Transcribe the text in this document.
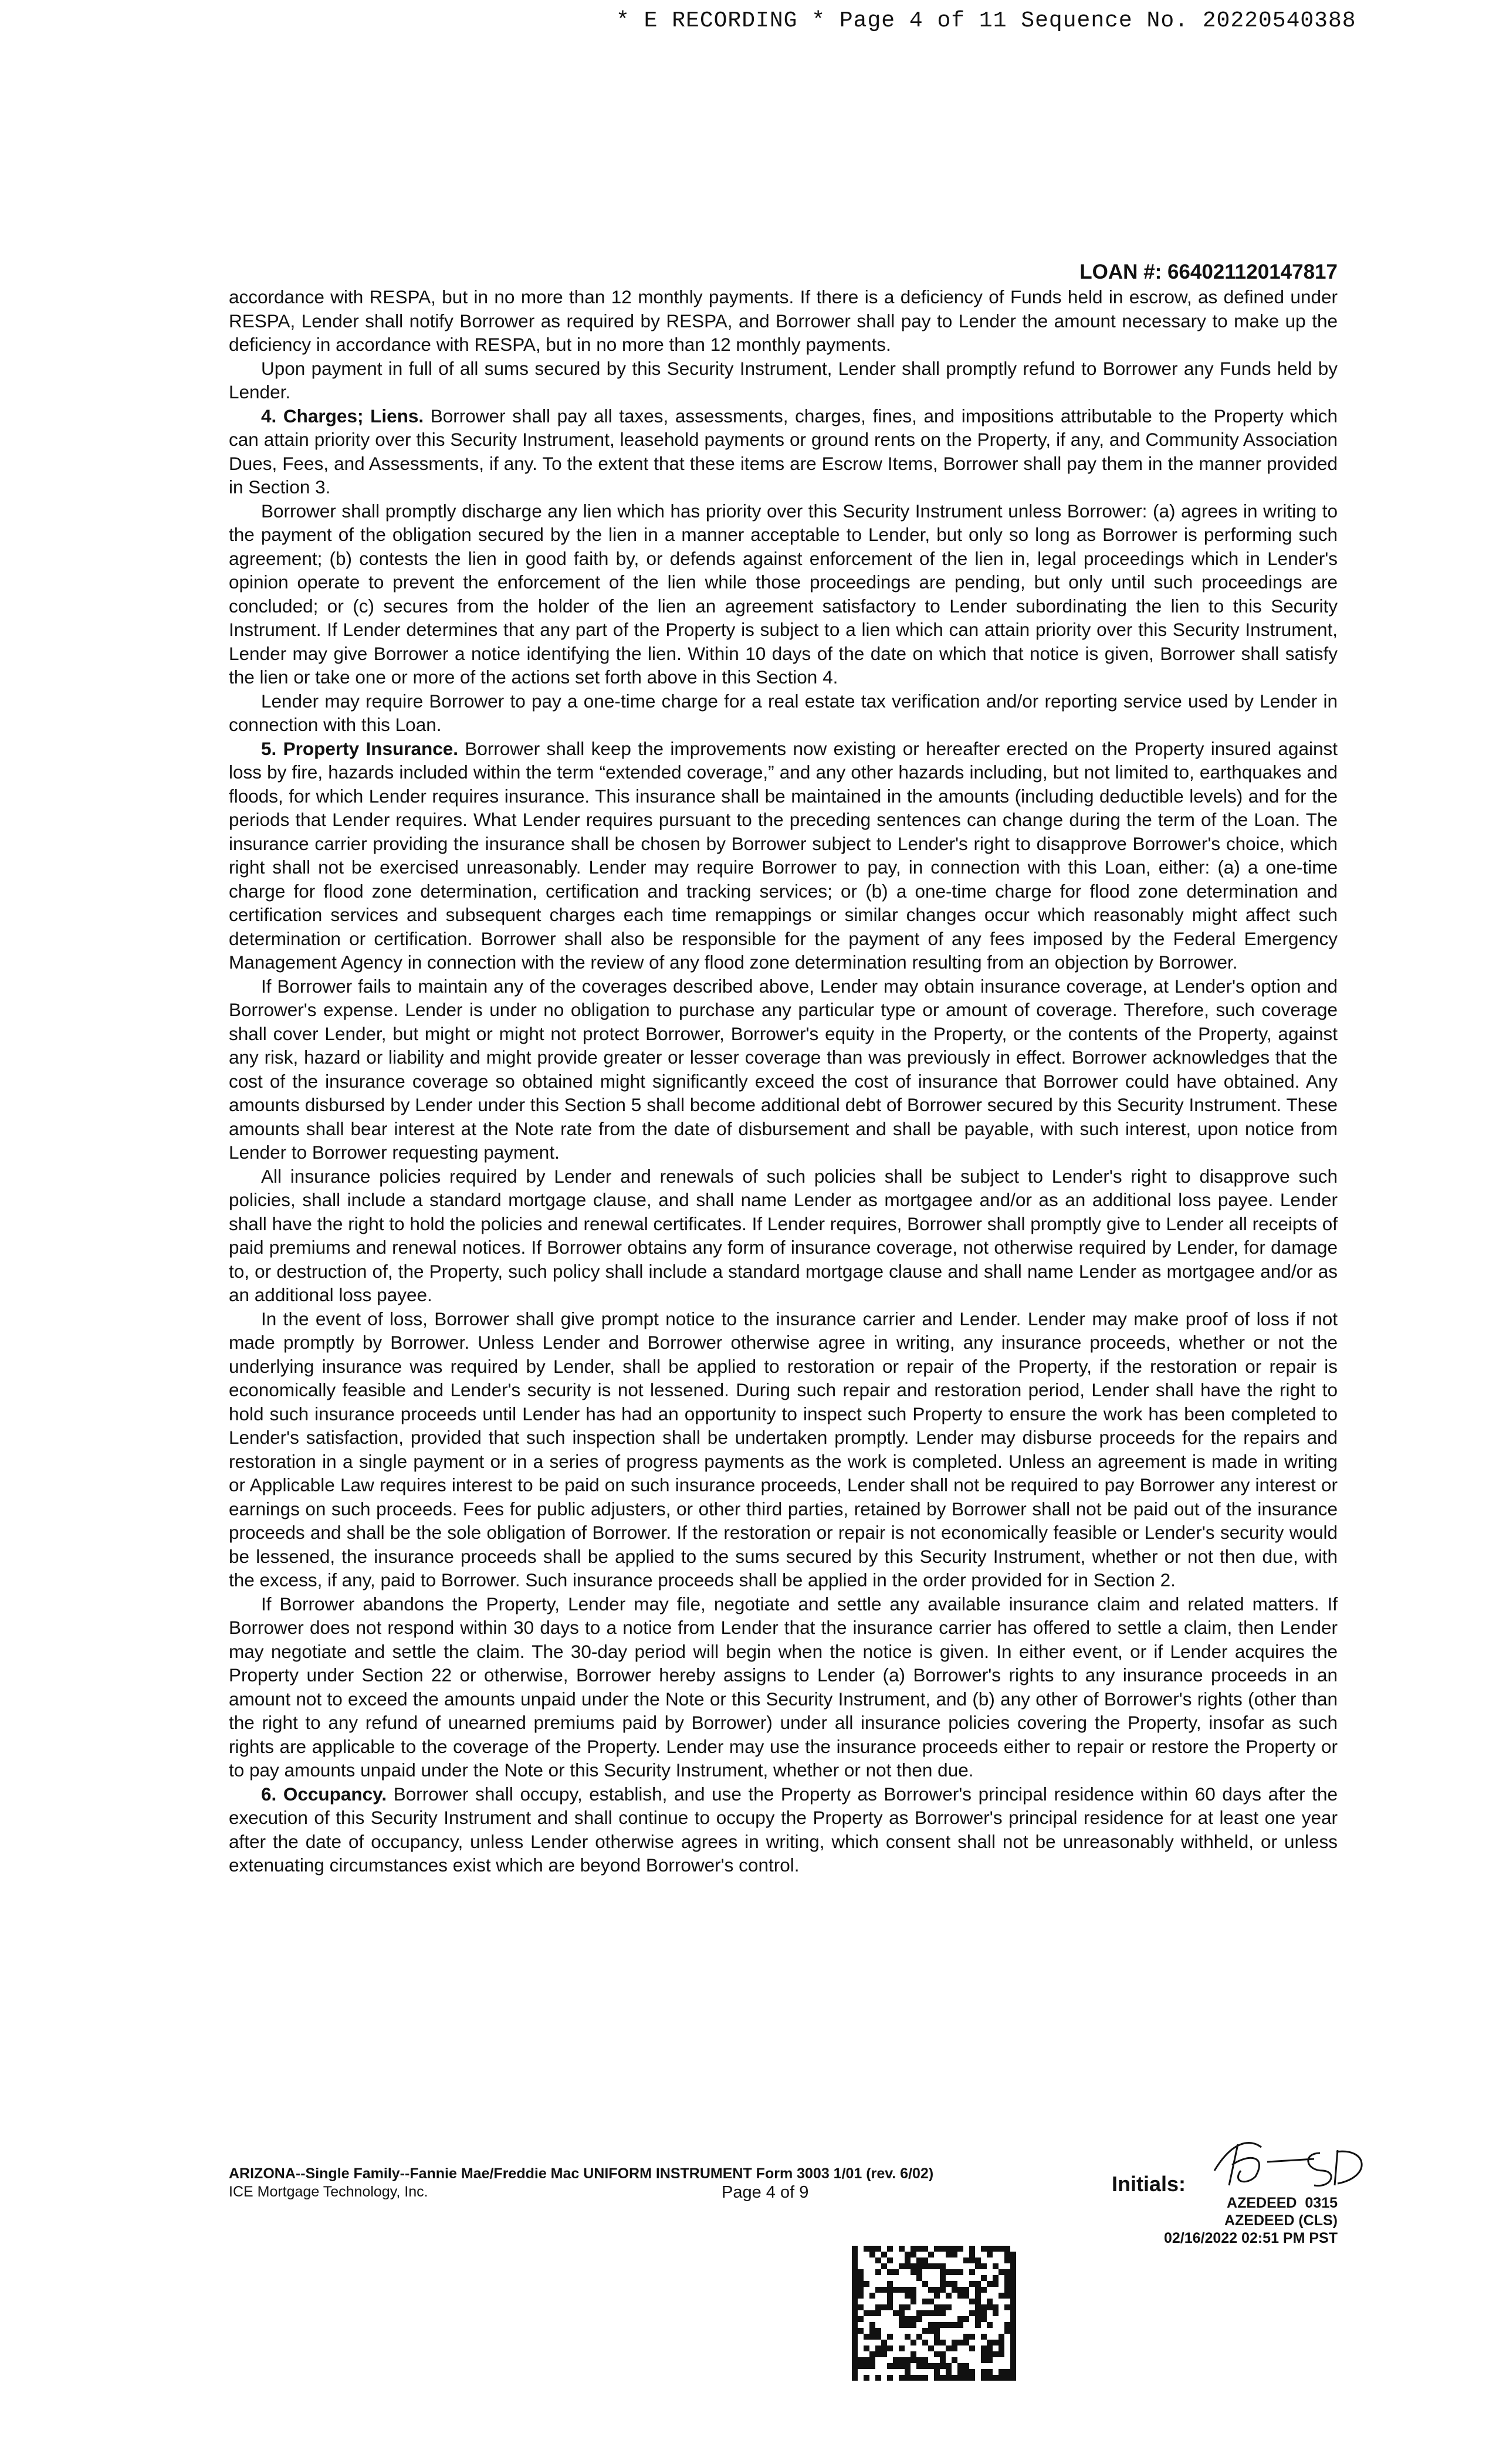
* E RECORDING * Page 4 of 11 Sequence No. 20220540388
LOAN #: 664021120147817

accordance with RESPA, but in no more than 12 monthly payments. If there is a deficiency of Funds held in escrow, as defined under RESPA, Lender shall notify Borrower as required by RESPA, and Borrower shall pay to Lender the amount necessary to make up the deficiency in accordance with RESPA, but in no more than 12 monthly payments.

Upon payment in full of all sums secured by this Security Instrument, Lender shall promptly refund to Borrower any Funds held by Lender.

4. Charges; Liens. Borrower shall pay all taxes, assessments, charges, fines, and impositions attributable to the Property which can attain priority over this Security Instrument, leasehold payments or ground rents on the Property, if any, and Community Association Dues, Fees, and Assessments, if any. To the extent that these items are Escrow Items, Borrower shall pay them in the manner provided in Section 3.

Borrower shall promptly discharge any lien which has priority over this Security Instrument unless Borrower: (a) agrees in writing to the payment of the obligation secured by the lien in a manner acceptable to Lender, but only so long as Borrower is performing such agreement; (b) contests the lien in good faith by, or defends against enforcement of the lien in, legal proceedings which in Lender's opinion operate to prevent the enforcement of the lien while those proceedings are pending, but only until such proceedings are concluded; or (c) secures from the holder of the lien an agreement satisfactory to Lender subordinating the lien to this Security Instrument. If Lender determines that any part of the Property is subject to a lien which can attain priority over this Security Instrument, Lender may give Borrower a notice identifying the lien. Within 10 days of the date on which that notice is given, Borrower shall satisfy the lien or take one or more of the actions set forth above in this Section 4.

Lender may require Borrower to pay a one-time charge for a real estate tax verification and/or reporting service used by Lender in connection with this Loan.

5. Property Insurance. Borrower shall keep the improvements now existing or hereafter erected on the Property insured against loss by fire, hazards included within the term “extended coverage,” and any other hazards including, but not limited to, earthquakes and floods, for which Lender requires insurance. This insurance shall be maintained in the amounts (including deductible levels) and for the periods that Lender requires. What Lender requires pursuant to the preceding sentences can change during the term of the Loan. The insurance carrier providing the insurance shall be chosen by Borrower subject to Lender's right to disapprove Borrower's choice, which right shall not be exercised unreasonably. Lender may require Borrower to pay, in connection with this Loan, either: (a) a one-time charge for flood zone determination, certification and tracking services; or (b) a one-time charge for flood zone determination and certification services and subsequent charges each time remappings or similar changes occur which reasonably might affect such determination or certification. Borrower shall also be responsible for the payment of any fees imposed by the Federal Emergency Management Agency in connection with the review of any flood zone determination resulting from an objection by Borrower.

If Borrower fails to maintain any of the coverages described above, Lender may obtain insurance coverage, at Lender's option and Borrower's expense. Lender is under no obligation to purchase any particular type or amount of coverage. Therefore, such coverage shall cover Lender, but might or might not protect Borrower, Borrower's equity in the Property, or the contents of the Property, against any risk, hazard or liability and might provide greater or lesser coverage than was previously in effect. Borrower acknowledges that the cost of the insurance coverage so obtained might significantly exceed the cost of insurance that Borrower could have obtained. Any amounts disbursed by Lender under this Section 5 shall become additional debt of Borrower secured by this Security Instrument. These amounts shall bear interest at the Note rate from the date of disbursement and shall be payable, with such interest, upon notice from Lender to Borrower requesting payment.

All insurance policies required by Lender and renewals of such policies shall be subject to Lender's right to disapprove such policies, shall include a standard mortgage clause, and shall name Lender as mortgagee and/or as an additional loss payee. Lender shall have the right to hold the policies and renewal certificates. If Lender requires, Borrower shall promptly give to Lender all receipts of paid premiums and renewal notices. If Borrower obtains any form of insurance coverage, not otherwise required by Lender, for damage to, or destruction of, the Property, such policy shall include a standard mortgage clause and shall name Lender as mortgagee and/or as an additional loss payee.

In the event of loss, Borrower shall give prompt notice to the insurance carrier and Lender. Lender may make proof of loss if not made promptly by Borrower. Unless Lender and Borrower otherwise agree in writing, any insurance proceeds, whether or not the underlying insurance was required by Lender, shall be applied to restoration or repair of the Property, if the restoration or repair is economically feasible and Lender's security is not lessened. During such repair and restoration period, Lender shall have the right to hold such insurance proceeds until Lender has had an opportunity to inspect such Property to ensure the work has been completed to Lender's satisfaction, provided that such inspection shall be undertaken promptly. Lender may disburse proceeds for the repairs and restoration in a single payment or in a series of progress payments as the work is completed. Unless an agreement is made in writing or Applicable Law requires interest to be paid on such insurance proceeds, Lender shall not be required to pay Borrower any interest or earnings on such proceeds. Fees for public adjusters, or other third parties, retained by Borrower shall not be paid out of the insurance proceeds and shall be the sole obligation of Borrower. If the restoration or repair is not economically feasible or Lender's security would be lessened, the insurance proceeds shall be applied to the sums secured by this Security Instrument, whether or not then due, with the excess, if any, paid to Borrower. Such insurance proceeds shall be applied in the order provided for in Section 2.

If Borrower abandons the Property, Lender may file, negotiate and settle any available insurance claim and related matters. If Borrower does not respond within 30 days to a notice from Lender that the insurance carrier has offered to settle a claim, then Lender may negotiate and settle the claim. The 30-day period will begin when the notice is given. In either event, or if Lender acquires the Property under Section 22 or otherwise, Borrower hereby assigns to Lender (a) Borrower's rights to any insurance proceeds in an amount not to exceed the amounts unpaid under the Note or this Security Instrument, and (b) any other of Borrower's rights (other than the right to any refund of unearned premiums paid by Borrower) under all insurance policies covering the Property, insofar as such rights are applicable to the coverage of the Property. Lender may use the insurance proceeds either to repair or restore the Property or to pay amounts unpaid under the Note or this Security Instrument, whether or not then due.

6. Occupancy. Borrower shall occupy, establish, and use the Property as Borrower's principal residence within 60 days after the execution of this Security Instrument and shall continue to occupy the Property as Borrower's principal residence for at least one year after the date of occupancy, unless Lender otherwise agrees in writing, which consent shall not be unreasonably withheld, or unless extenuating circumstances exist which are beyond Borrower's control.

ARIZONA--Single Family--Fannie Mae/Freddie Mac UNIFORM INSTRUMENT Form 3003 1/01 (rev. 6/02)
ICE Mortgage Technology, Inc.	Page 4 of 9	Initials:
AZEDEED  0315
AZEDEED (CLS)
02/16/2022 02:51 PM PST
